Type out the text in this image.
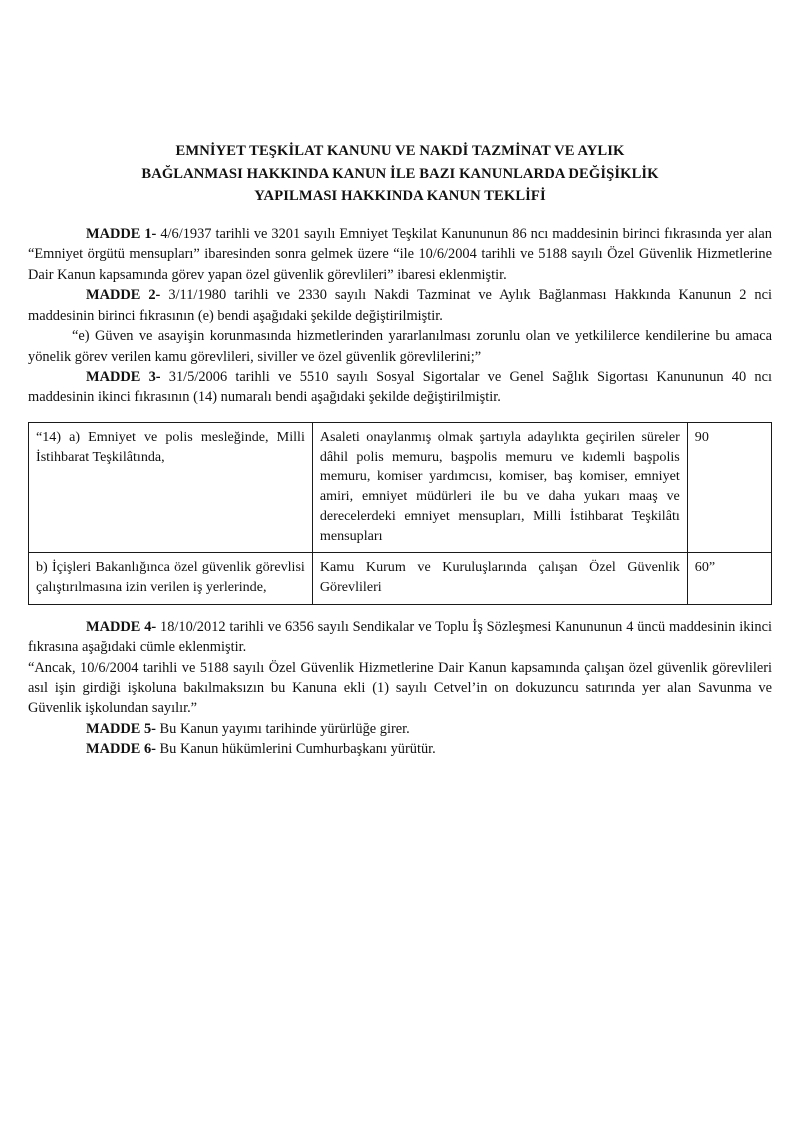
EMNİYET TEŞKİLAT KANUNU VE NAKDİ TAZMİNAT VE AYLIK
BAĞLANMASI HAKKINDA KANUN İLE BAZI KANUNLARDA DEĞİŞİKLİK
YAPILMASI HAKKINDA KANUN TEKLİFİ

MADDE 1- 4/6/1937 tarihli ve 3201 sayılı Emniyet Teşkilat Kanununun 86 ncı maddesinin birinci fıkrasında yer alan “Emniyet örgütü mensupları” ibaresinden sonra gelmek üzere “ile 10/6/2004 tarihli ve 5188 sayılı Özel Güvenlik Hizmetlerine Dair Kanun kapsamında görev yapan özel güvenlik görevlileri” ibaresi eklenmiştir.

MADDE 2- 3/11/1980 tarihli ve 2330 sayılı Nakdi Tazminat ve Aylık Bağlanması Hakkında Kanunun 2 nci maddesinin birinci fıkrasının (e) bendi aşağıdaki şekilde değiştirilmiştir.

“e) Güven ve asayişin korunmasında hizmetlerinden yararlanılması zorunlu olan ve yetkililerce kendilerine bu amaca yönelik görev verilen kamu görevlileri, siviller ve özel güvenlik görevlilerini;”

MADDE 3- 31/5/2006 tarihli ve 5510 sayılı Sosyal Sigortalar ve Genel Sağlık Sigortası Kanununun 40 ncı maddesinin ikinci fıkrasının (14) numaralı bendi aşağıdaki şekilde değiştirilmiştir.

“14) a) Emniyet ve polis mesleğinde, Milli İstihbarat Teşkilâtında,	Asaleti onaylanmış olmak şartıyla adaylıkta geçirilen süreler dâhil polis memuru, başpolis memuru ve kıdemli başpolis memuru, komiser yardımcısı, komiser, baş komiser, emniyet amiri, emniyet müdürleri ile bu ve daha yukarı maaş ve derecelerdeki emniyet mensupları, Milli İstihbarat Teşkilâtı mensupları	90
b) İçişleri Bakanlığınca özel güvenlik görevlisi çalıştırılmasına izin verilen iş yerlerinde,	Kamu Kurum ve Kuruluşlarında çalışan Özel Güvenlik Görevlileri	60”

MADDE 4- 18/10/2012 tarihli ve 6356 sayılı Sendikalar ve Toplu İş Sözleşmesi Kanununun 4 üncü maddesinin ikinci fıkrasına aşağıdaki cümle eklenmiştir.

“Ancak, 10/6/2004 tarihli ve 5188 sayılı Özel Güvenlik Hizmetlerine Dair Kanun kapsamında çalışan özel güvenlik görevlileri asıl işin girdiği işkoluna bakılmaksızın bu Kanuna ekli (1) sayılı Cetvel’in on dokuzuncu satırında yer alan Savunma ve Güvenlik işkolundan sayılır.”

MADDE 5- Bu Kanun yayımı tarihinde yürürlüğe girer.

MADDE 6- Bu Kanun hükümlerini Cumhurbaşkanı yürütür.
